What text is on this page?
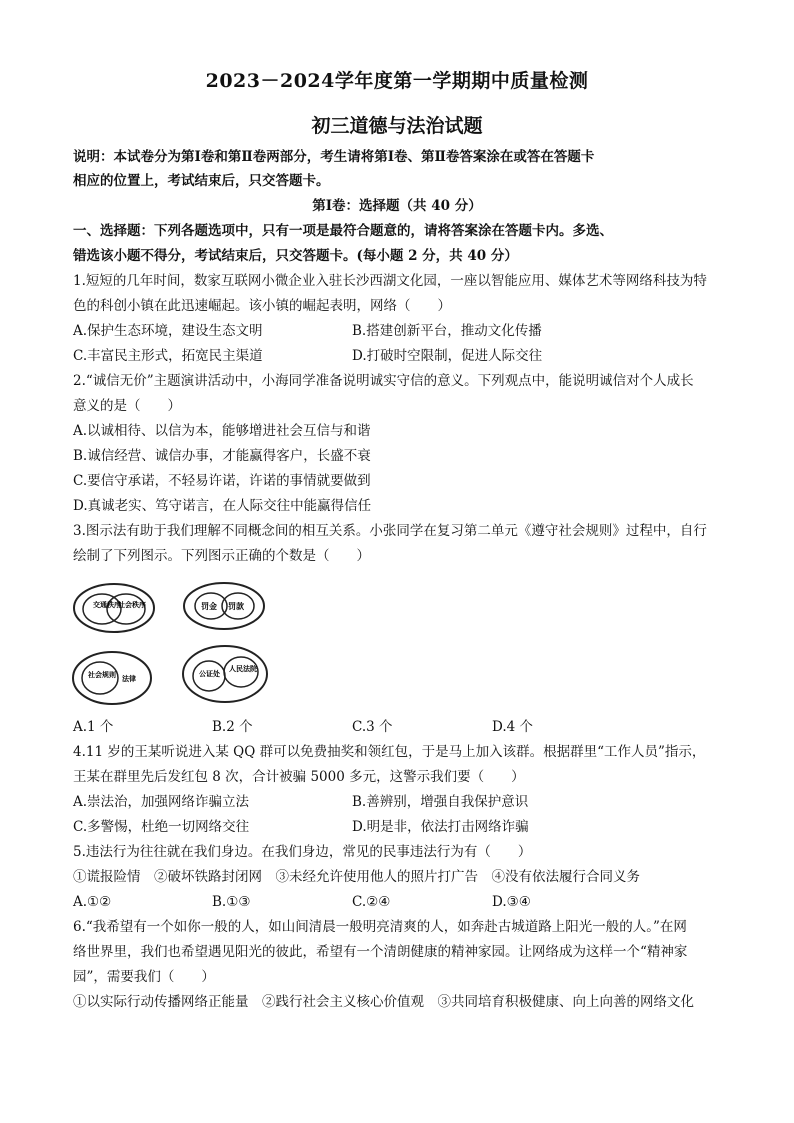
2023－2024学年度第一学期期中质量检测
初三道德与法治试题
说明：本试卷分为第Ⅰ卷和第Ⅱ卷两部分，考生请将第Ⅰ卷、第Ⅱ卷答案涂在或答在答题卡
相应的位置上，考试结束后，只交答题卡。
第Ⅰ卷：选择题（共 40 分）
一、选择题：下列各题选项中，只有一项是最符合题意的，请将答案涂在答题卡内。多选、
错选该小题不得分，考试结束后，只交答题卡。(每小题 2 分，共 40 分）
1.短短的几年时间，数家互联网小微企业入驻长沙西湖文化园，一座以智能应用、媒体艺术等网络科技为特
色的科创小镇在此迅速崛起。该小镇的崛起表明，网络（　　）
A.保护生态环境，建设生态文明	B.搭建创新平台，推动文化传播
C.丰富民主形式，拓宽民主渠道	D.打破时空限制，促进人际交往
2.“诚信无价”主题演讲活动中，小海同学准备说明诚实守信的意义。下列观点中，能说明诚信对个人成长
意义的是（　　）
A.以诚相待、以信为本，能够增进社会互信与和谐
B.诚信经营、诚信办事，才能赢得客户，长盛不衰
C.要信守承诺，不轻易许诺，许诺的事情就要做到
D.真诚老实、笃守诺言，在人际交往中能赢得信任
3.图示法有助于我们理解不同概念间的相互关系。小张同学在复习第二单元《遵守社会规则》过程中，自行
绘制了下列图示。下列图示正确的个数是（　　）
交通秩序
社会秩序	罚金 罚款
社会规则 法律
公证处
人民法院
A.1 个	B.2 个	C.3 个	D.4 个
4.11 岁的王某听说进入某 QQ 群可以免费抽奖和领红包，于是马上加入该群。根据群里“工作人员”指示，
王某在群里先后发红包 8 次，合计被骗 5000 多元，这警示我们要（　　）
A.崇法治，加强网络诈骗立法	B.善辨别，增强自我保护意识
C.多警惕，杜绝一切网络交往	D.明是非，依法打击网络诈骗
5.违法行为往往就在我们身边。在我们身边，常见的民事违法行为有（　　）
①谎报险情　②破坏铁路封闭网　③未经允许使用他人的照片打广告　④没有依法履行合同义务
A.①②	B.①③	C.②④	D.③④
6.“我希望有一个如你一般的人，如山间清晨一般明亮清爽的人，如奔赴古城道路上阳光一般的人。”在网
络世界里，我们也希望遇见阳光的彼此，希望有一个清朗健康的精神家园。让网络成为这样一个“精神家
园”，需要我们（　　）
①以实际行动传播网络正能量　②践行社会主义核心价值观　③共同培育积极健康、向上向善的网络文化
